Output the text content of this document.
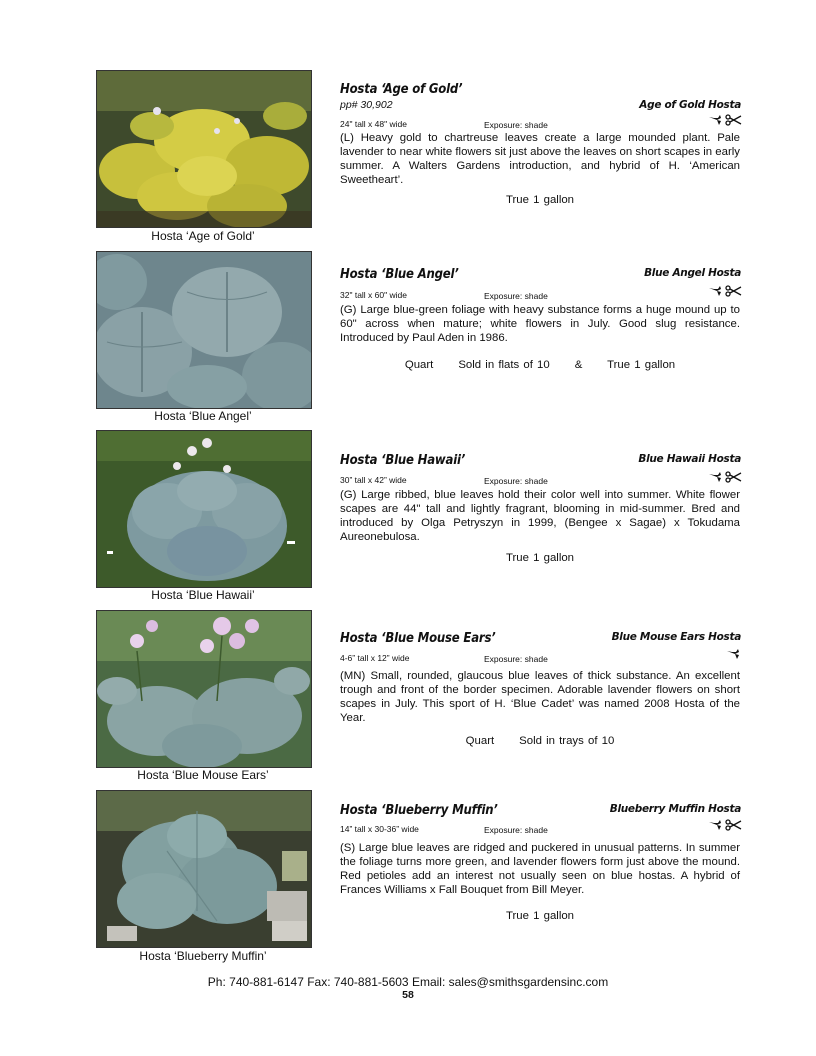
Hosta ‘Age of Gold’
Hosta ‘Age of Gold’
pp# 30,902	Age of Gold Hosta
24" tall x 48" wide	Exposure: shade

(L) Heavy gold to chartreuse leaves create a large mounded plant. Pale lavender to near white flowers sit just above the leaves on short scapes in early summer. A Walters Gardens introduction, and hybrid of H. ‘American Sweetheart’.

True 1 gallon
Hosta ‘Blue Angel’
Hosta ‘Blue Angel’	Blue Angel Hosta
32" tall x 60" wide	Exposure: shade

(G) Large blue-green foliage with heavy substance forms a huge mound up to 60" across when mature; white flowers in July. Good slug resistance. Introduced by Paul Aden in 1986.

Quart      Sold in flats of 10      &      True 1 gallon
Hosta ‘Blue Hawaii’
Hosta ‘Blue Hawaii’	Blue Hawaii Hosta
30” tall x 42” wide	Exposure: shade

(G) Large ribbed, blue leaves hold their color well into summer. White flower scapes are 44" tall and lightly fragrant, blooming in mid-summer. Bred and introduced by Olga Petryszyn in 1999, (Bengee x Sagae) x Tokudama Aureonebulosa.

True 1 gallon
Hosta ‘Blue Mouse Ears’
Hosta ‘Blue Mouse Ears’	Blue Mouse Ears Hosta
4-6” tall x 12” wide	Exposure: shade

(MN) Small, rounded, glaucous blue leaves of thick substance. An excellent trough and front of the border specimen. Adorable lavender flowers on short scapes in July. This sport of H. ‘Blue Cadet’ was named 2008 Hosta of the Year.

Quart      Sold in trays of 10
Hosta ‘Blueberry Muffin’
Hosta ‘Blueberry Muffin’	Blueberry Muffin Hosta
14” tall x 30-36” wide	Exposure: shade

(S) Large blue leaves are ridged and puckered in unusual patterns. In summer the foliage turns more green, and lavender flowers form just above the mound. Red petioles add an interest not usually seen on blue hostas. A hybrid of Frances Williams x Fall Bouquet from Bill Meyer.

True 1 gallon
Ph: 740-881-6147 Fax: 740-881-5603 Email: sales@smithsgardensinc.com
58
